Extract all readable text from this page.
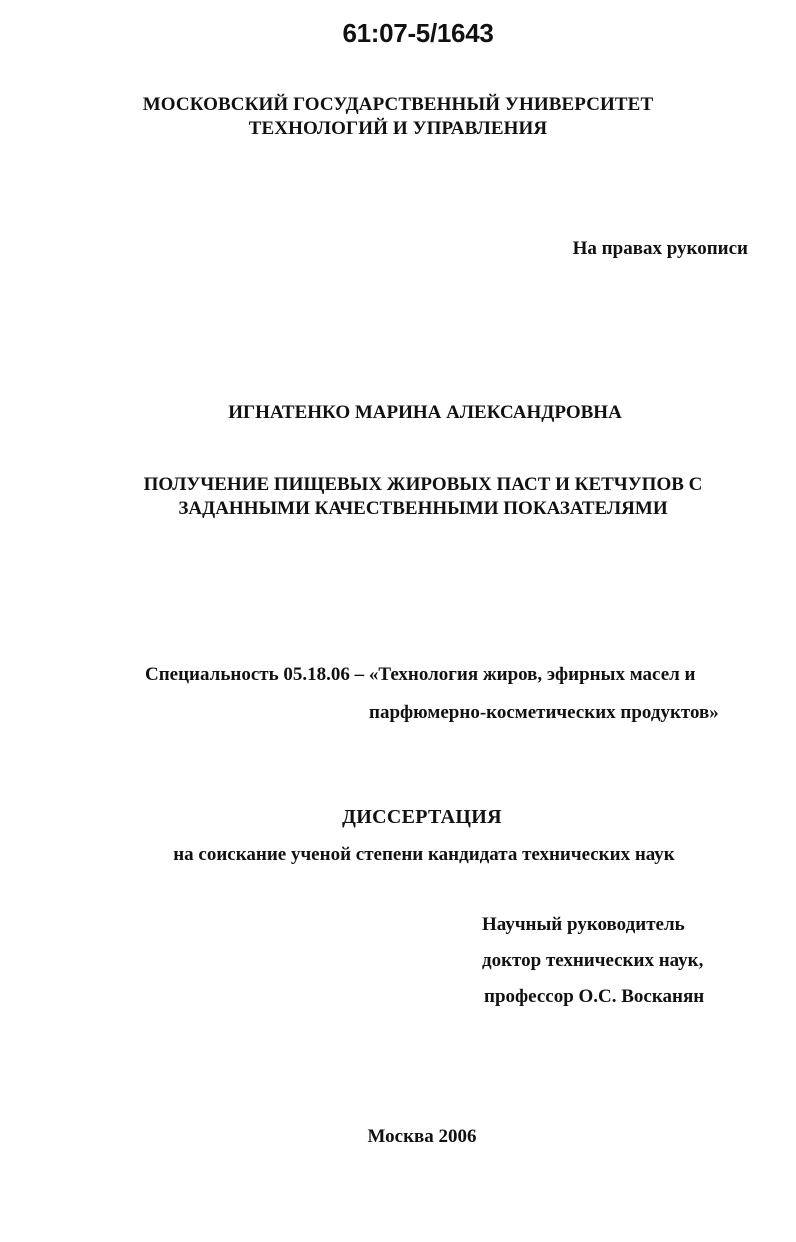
61:07-5/1643

МОСКОВСКИЙ ГОСУДАРСТВЕННЫЙ УНИВЕРСИТЕТ

ТЕХНОЛОГИЙ И УПРАВЛЕНИЯ

На правах рукописи

ИГНАТЕНКО МАРИНА АЛЕКСАНДРОВНА

ПОЛУЧЕНИЕ ПИЩЕВЫХ ЖИРОВЫХ ПАСТ И КЕТЧУПОВ С

ЗАДАННЫМИ КАЧЕСТВЕННЫМИ ПОКАЗАТЕЛЯМИ

Специальность 05.18.06 – «Технология жиров, эфирных масел и

парфюмерно-косметических продуктов»

ДИССЕРТАЦИЯ

на соискание ученой степени кандидата технических наук

Научный руководитель

доктор технических наук,

профессор О.С. Восканян

Москва 2006
